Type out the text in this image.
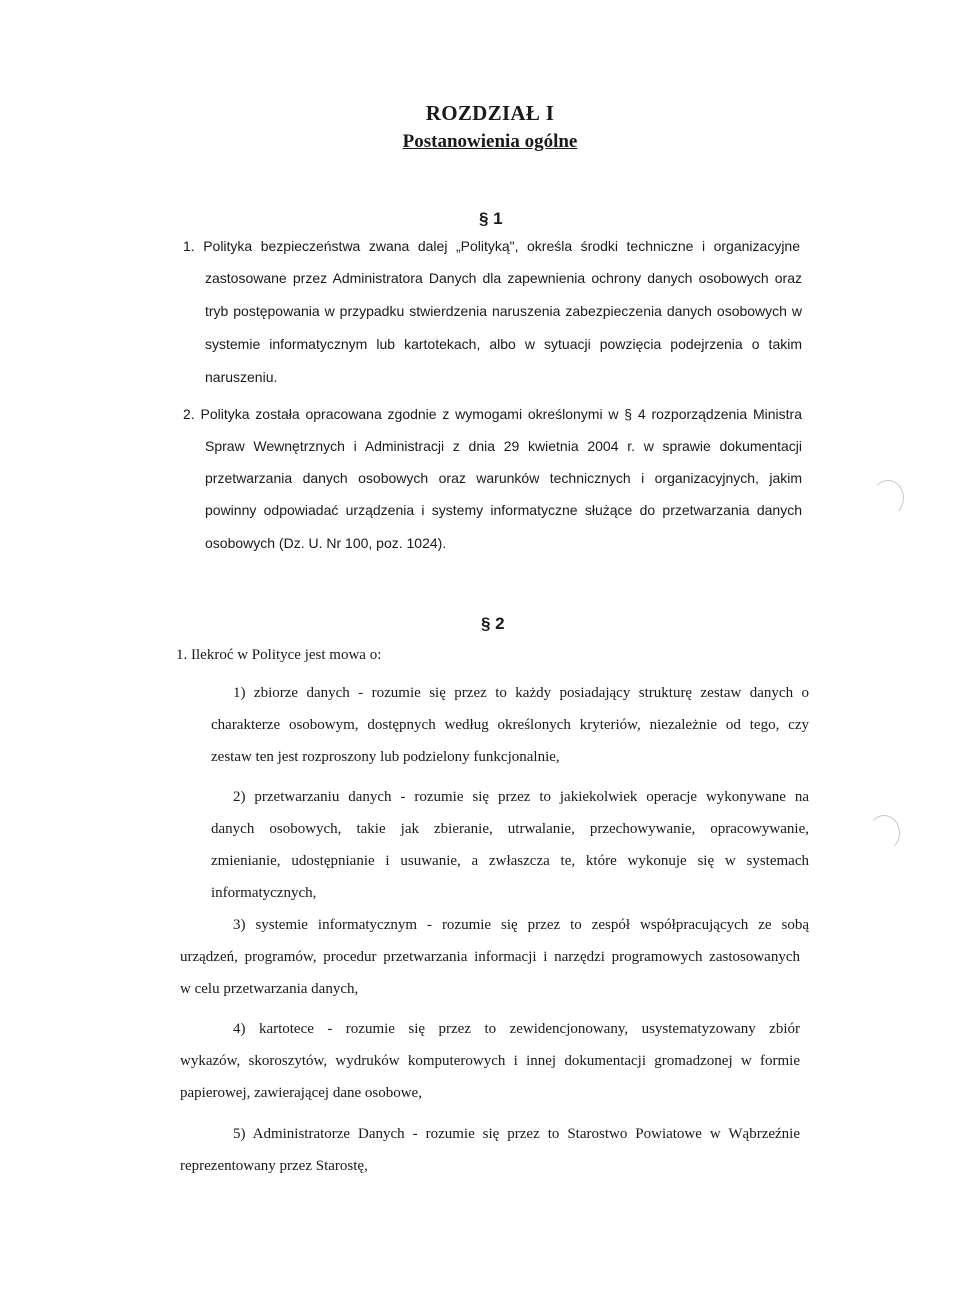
ROZDZIAŁ I
Postanowienia ogólne
§ 1
1. Polityka bezpieczeństwa zwana dalej „Polityką", określa środki techniczne i organizacyjne
zastosowane przez Administratora Danych dla zapewnienia ochrony danych osobowych oraz
tryb postępowania w przypadku stwierdzenia naruszenia zabezpieczenia danych osobowych w
systemie informatycznym lub kartotekach, albo w sytuacji powzięcia podejrzenia o takim
naruszeniu.
2. Polityka została opracowana zgodnie z wymogami określonymi w § 4 rozporządzenia Ministra
Spraw Wewnętrznych i Administracji z dnia 29 kwietnia 2004 r. w sprawie dokumentacji
przetwarzania danych osobowych oraz warunków technicznych i organizacyjnych, jakim
powinny odpowiadać urządzenia i systemy informatyczne służące do przetwarzania danych
osobowych (Dz. U. Nr 100, poz. 1024).
§ 2
1. Ilekroć w Polityce jest mowa o:
1) zbiorze danych - rozumie się przez to każdy posiadający strukturę zestaw danych o
charakterze osobowym, dostępnych według określonych kryteriów, niezależnie od tego, czy
zestaw ten jest rozproszony lub podzielony funkcjonalnie,
2) przetwarzaniu danych - rozumie się przez to jakiekolwiek operacje wykonywane na
danych osobowych, takie jak zbieranie, utrwalanie, przechowywanie, opracowywanie,
zmienianie, udostępnianie i usuwanie, a zwłaszcza te, które wykonuje się w systemach
informatycznych,
3) systemie informatycznym - rozumie się przez to zespół współpracujących ze sobą
urządzeń, programów, procedur przetwarzania informacji i narzędzi programowych zastosowanych
w celu przetwarzania danych,
4) kartotece - rozumie się przez to zewidencjonowany, usystematyzowany zbiór
wykazów, skoroszytów, wydruków komputerowych i innej dokumentacji gromadzonej w formie
papierowej, zawierającej dane osobowe,
5) Administratorze Danych - rozumie się przez to Starostwo Powiatowe w Wąbrzeźnie
reprezentowany przez Starostę,
